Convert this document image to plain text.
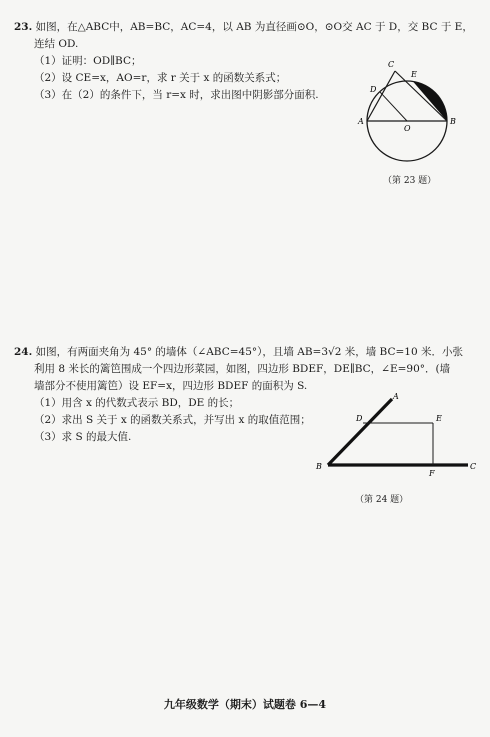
23. 如图，在△ABC中，AB=BC，AC=4，以 AB 为直径画⊙O，⊙O交 AC 于 D，交 BC 于 E，
连结 OD.
（1）证明：OD∥BC；
（2）设 CE=x，AO=r，求 r 关于 x 的函数关系式；
（3）在（2）的条件下，当 r=x 时，求出图中阴影部分面积.
C
E
D
A
O
B
（第 23 题）
24. 如图，有两面夹角为 45° 的墙体（∠ABC=45°），且墙 AB=3√2 米，墙 BC=10 米．小张
利用 8 米长的篱笆围成一个四边形菜园，如图，四边形 BDEF，DE∥BC，∠E=90°．(墙
墙部分不使用篱笆）设 EF=x，四边形 BDEF 的面积为 S.
（1）用含 x 的代数式表示 BD，DE 的长；
（2）求出 S 关于 x 的函数关系式，并写出 x 的取值范围；
（3）求 S 的最大值.
A
D	E
B
F
C
（第 24 题）
九年级数学（期末）试题卷 6—4
